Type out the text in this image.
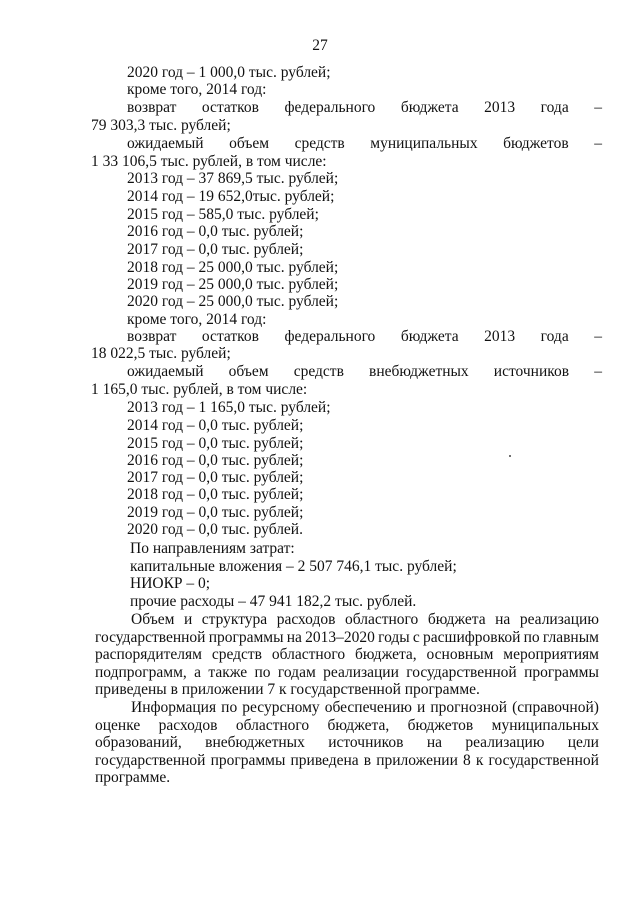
27
2020 год – 1 000,0 тыс. рублей;
кроме того, 2014 год:
возврат остатков федерального бюджета 2013 года –
79 303,3 тыс. рублей;
ожидаемый объем средств муниципальных бюджетов –
1 33 106,5 тыс. рублей, в том числе:
2013 год – 37 869,5 тыс. рублей;
2014 год – 19 652,0тыс. рублей;
2015 год – 585,0 тыс. рублей;
2016 год – 0,0 тыс. рублей;
2017 год – 0,0 тыс. рублей;
2018 год – 25 000,0 тыс. рублей;
2019 год – 25 000,0 тыс. рублей;
2020 год – 25 000,0 тыс. рублей;
кроме того, 2014 год:
возврат остатков федерального бюджета 2013 года –
18 022,5 тыс. рублей;
ожидаемый объем средств внебюджетных источников –
1 165,0 тыс. рублей, в том числе:
2013 год – 1 165,0 тыс. рублей;
2014 год – 0,0 тыс. рублей;
2015 год – 0,0 тыс. рублей;
2016 год – 0,0 тыс. рублей;
2017 год – 0,0 тыс. рублей;
2018 год – 0,0 тыс. рублей;
2019 год – 0,0 тыс. рублей;
2020 год – 0,0 тыс. рублей.
По направлениям затрат:
капитальные вложения – 2 507 746,1 тыс. рублей;
НИОКР – 0;
прочие расходы – 47 941 182,2 тыс. рублей.
Объем и структура расходов областного бюджета на реализацию
государственной программы на 2013–2020 годы с расшифровкой по главным
распорядителям средств областного бюджета, основным мероприятиям
подпрограмм, а также по годам реализации государственной программы
приведены в приложении 7 к государственной программе.
Информация по ресурсному обеспечению и прогнозной (справочной)
оценке расходов областного бюджета, бюджетов муниципальных
образований, внебюджетных источников на реализацию цели
государственной программы приведена в приложении 8 к государственной
программе.
